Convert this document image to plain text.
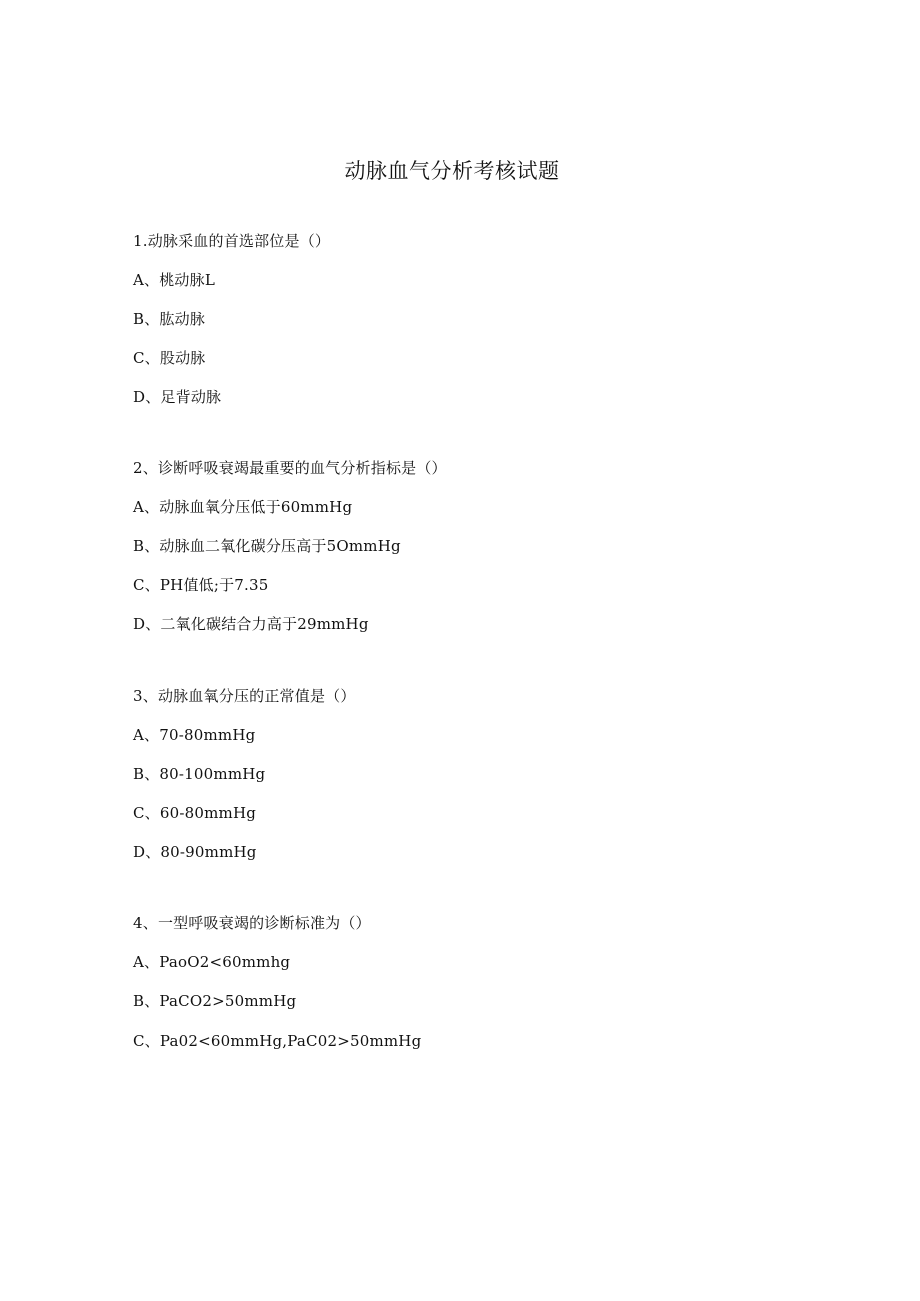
动脉血气分析考核试题
1.动脉采血的首选部位是（）
A、桃动脉L
B、肱动脉
C、股动脉
D、足背动脉
2、诊断呼吸衰竭最重要的血气分析指标是（）
A、动脉血氧分压低于60mmHg
B、动脉血二氧化碳分压高于5OmmHg
C、PH值低;于7.35
D、二氧化碳结合力高于29mmHg
3、动脉血氧分压的正常值是（）
A、70-80mmHg
B、80-100mmHg
C、60-80mmHg
D、80-90mmHg
4、一型呼吸衰竭的诊断标准为（）
A、PaoO2<60mmhg
B、PaCO2>50mmHg
C、Pa02<60mmHg,PaC02>50mmHg
